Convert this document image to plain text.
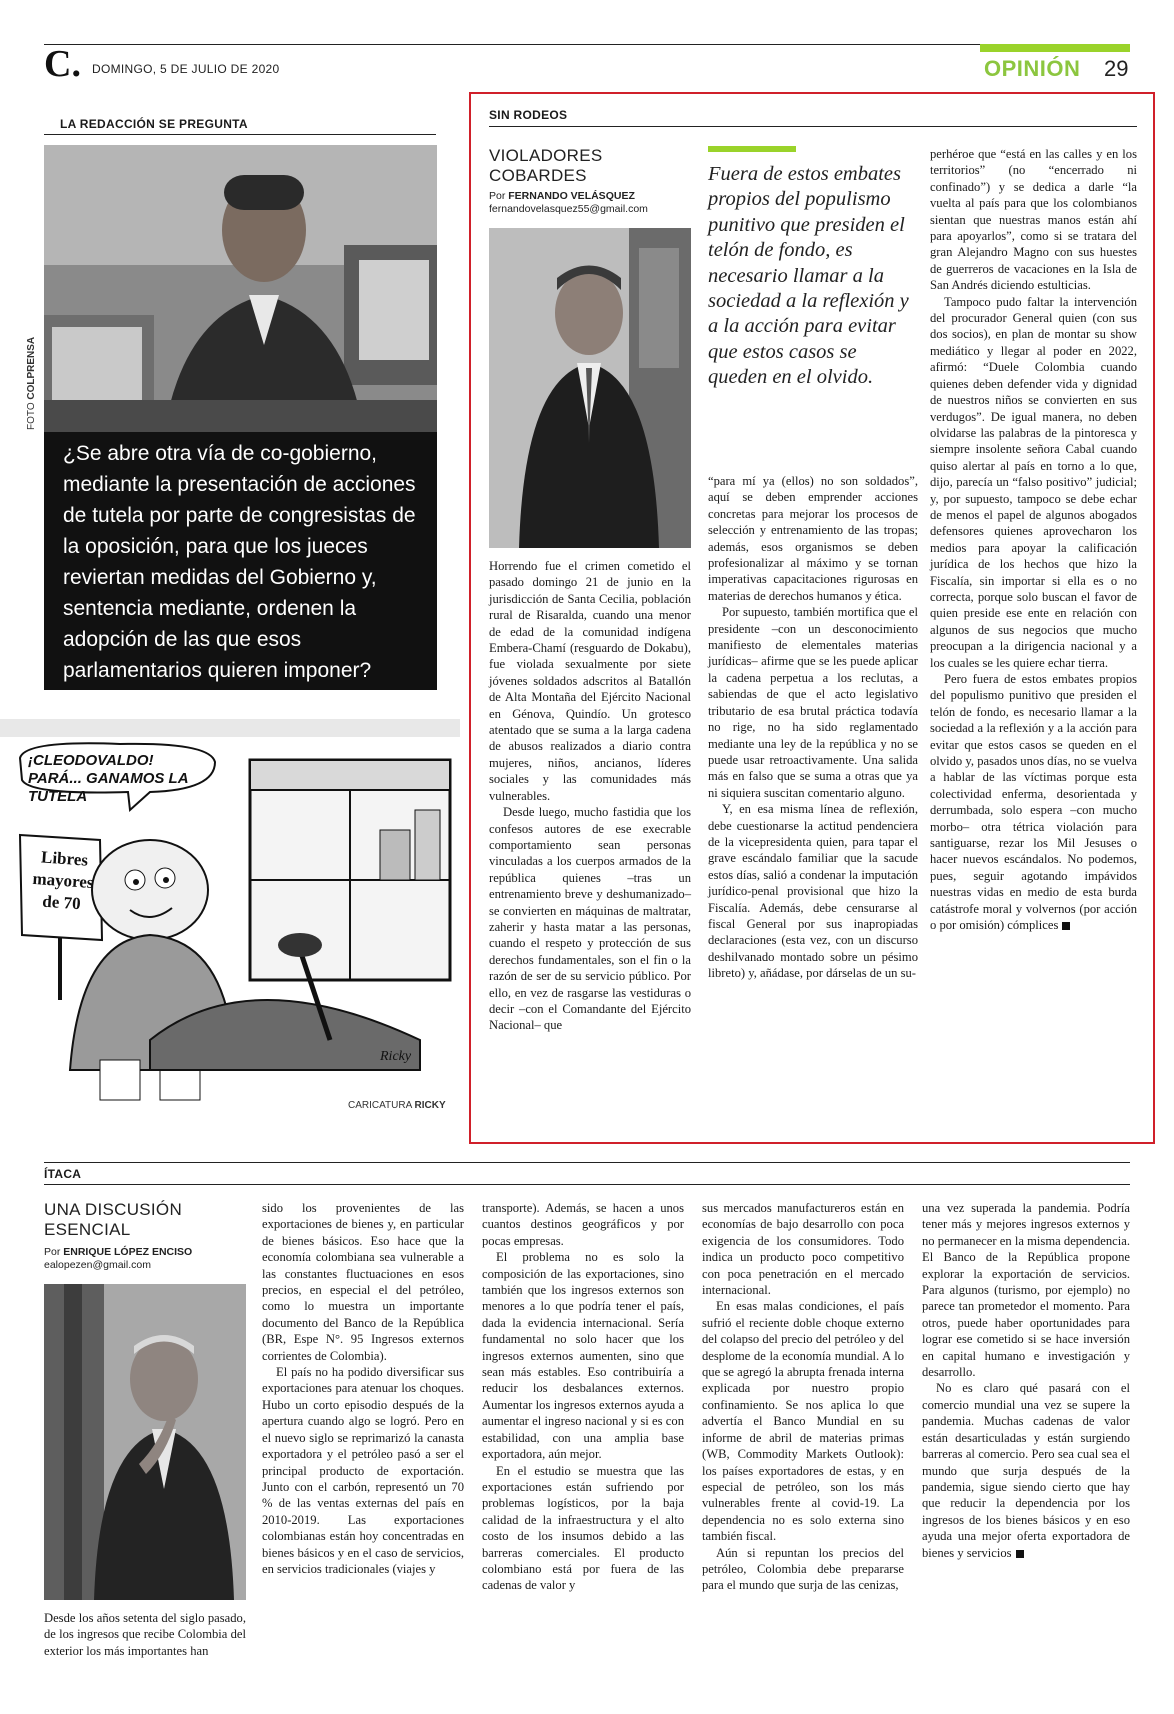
C. DOMINGO, 5 DE JULIO DE 2020	OPINIÓN 29
LA REDACCIÓN SE PREGUNTA
FOTO COLPRENSA
¿Se abre otra vía de co-gobierno, mediante la presentación de acciones de tutela por parte de congresistas de la oposición, para que los jueces reviertan medidas del Gobierno y, sentencia mediante, ordenen la adopción de las que esos parlamentarios quieren imponer?
Ricky
¡CLEODOVALDO! PARÁ... GANAMOS LA TUTELA
Libres mayores de 70
CARICATURA RICKY
SIN RODEOS
VIOLADORES
COBARDES
Por FERNANDO VELÁSQUEZ
fernandovelasquez55@gmail.com
Fuera de estos embates propios del populismo punitivo que presiden el telón de fondo, es necesario llamar a la sociedad a la reflexión y a la acción para evitar que estos casos se queden en el olvido.

Horrendo fue el crimen cometido el pasado domingo 21 de junio en la jurisdicción de Santa Cecilia, población rural de Risaralda, cuando una menor de edad de la comunidad indígena Embera-Chamí (resguardo de Dokabu), fue violada sexualmente por siete jóvenes soldados adscritos al Batallón de Alta Montaña del Ejército Nacional en Génova, Quindío. Un grotesco atentado que se suma a la larga cadena de abusos realizados a diario contra mujeres, niños, ancianos, líderes sociales y las comunidades más vulnerables.

Desde luego, mucho fastidia que los confesos autores de ese execrable comportamiento sean personas vinculadas a los cuerpos armados de la república quienes –tras un entrenamiento breve y deshumanizado– se convierten en máquinas de maltratar, zaherir y hasta matar a las personas, cuando el respeto y protección de sus derechos fundamentales, son el fin o la razón de ser de su servicio público. Por ello, en vez de rasgarse las vestiduras o decir –con el Comandante del Ejército Nacional– que

“para mí ya (ellos) no son soldados”, aquí se deben emprender acciones concretas para mejorar los procesos de selección y entrenamiento de las tropas; además, esos organismos se deben profesionalizar al máximo y se tornan imperativas capacitaciones rigurosas en materias de derechos humanos y ética.

Por supuesto, también mortifica que el presidente –con un desconocimiento manifiesto de elementales materias jurídicas– afirme que se les puede aplicar la cadena perpetua a los reclutas, a sabiendas de que el acto legislativo tributario de esa brutal práctica todavía no rige, no ha sido reglamentado mediante una ley de la república y no se puede usar retroactivamente. Una salida más en falso que se suma a otras que ya ni siquiera suscitan comentario alguno.

Y, en esa misma línea de reflexión, debe cuestionarse la actitud pendenciera de la vicepresidenta quien, para tapar el grave escándalo familiar que la sacude estos días, salió a condenar la imputación jurídico-penal provisional que hizo la Fiscalía. Además, debe censurarse al fiscal General por sus inapropiadas declaraciones (esta vez, con un discurso deshilvanado montado sobre un pésimo libreto) y, añádase, por dárselas de un su-

perhéroe que “está en las calles y en los territorios” (no “encerrado ni confinado”) y se dedica a darle “la vuelta al país para que los colombianos sientan que nuestras manos están ahí para apoyarlos”, como si se tratara del gran Alejandro Magno con sus huestes de guerreros de vacaciones en la Isla de San Andrés diciendo estulticias.

Tampoco pudo faltar la intervención del procurador General quien (con sus dos socios), en plan de montar su show mediático y llegar al poder en 2022, afirmó: “Duele Colombia cuando quienes deben defender vida y dignidad de nuestros niños se convierten en sus verdugos”. De igual manera, no deben olvidarse las palabras de la pintoresca y siempre insolente señora Cabal cuando quiso alertar al país en torno a lo que, dijo, parecía un “falso positivo” judicial; y, por supuesto, tampoco se debe echar de menos el papel de algunos abogados defensores quienes aprovecharon los medios para apoyar la calificación jurídica de los hechos que hizo la Fiscalía, sin importar si ella es o no correcta, porque solo buscan el favor de quien preside ese ente en relación con algunos de sus negocios que mucho preocupan a la dirigencia nacional y a los cuales se les quiere echar tierra.

Pero fuera de estos embates propios del populismo punitivo que presiden el telón de fondo, es necesario llamar a la sociedad a la reflexión y a la acción para evitar que estos casos se queden en el olvido y, pasados unos días, no se vuelva a hablar de las víctimas porque esta colectividad enferma, desorientada y derrumbada, solo espera –con mucho morbo– otra tétrica violación para santiguarse, rezar los Mil Jesuses o hacer nuevos escándalos. No podemos, pues, seguir agotando impávidos nuestras vidas en medio de esta burda catástrofe moral y volvernos (por acción o por omisión) cómplices

ÍTACA
UNA DISCUSIÓN
ESENCIAL
Por ENRIQUE LÓPEZ ENCISO
ealopezen@gmail.com

Desde los años setenta del siglo pasado, de los ingresos que recibe Colombia del exterior los más importantes han

sido los provenientes de las exportaciones de bienes y, en particular de bienes básicos. Eso hace que la economía colombiana sea vulnerable a las constantes fluctuaciones en esos precios, en especial el del petróleo, como lo muestra un importante documento del Banco de la República (BR, Espe N°. 95 Ingresos externos corrientes de Colombia).

El país no ha podido diversificar sus exportaciones para atenuar los choques. Hubo un corto episodio después de la apertura cuando algo se logró. Pero en el nuevo siglo se reprimarizó la canasta exportadora y el petróleo pasó a ser el principal producto de exportación. Junto con el carbón, representó un 70 % de las ventas externas del país en 2010-2019. Las exportaciones colombianas están hoy concentradas en bienes básicos y en el caso de servicios, en servicios tradicionales (viajes y

transporte). Además, se hacen a unos cuantos destinos geográficos y por pocas empresas.

El problema no es solo la composición de las exportaciones, sino también que los ingresos externos son menores a lo que podría tener el país, dada la evidencia internacional. Sería fundamental no solo hacer que los ingresos externos aumenten, sino que sean más estables. Eso contribuiría a reducir los desbalances externos. Aumentar los ingresos externos ayuda a aumentar el ingreso nacional y si es con estabilidad, con una amplia base exportadora, aún mejor.

En el estudio se muestra que las exportaciones están sufriendo por problemas logísticos, por la baja calidad de la infraestructura y el alto costo de los insumos debido a las barreras comerciales. El producto colombiano está por fuera de las cadenas de valor y

sus mercados manufactureros están en economías de bajo desarrollo con poca exigencia de los consumidores. Todo indica un producto poco competitivo con poca penetración en el mercado internacional.

En esas malas condiciones, el país sufrió el reciente doble choque externo del colapso del precio del petróleo y del desplome de la economía mundial. A lo que se agregó la abrupta frenada interna explicada por nuestro propio confinamiento. Se nos aplica lo que advertía el Banco Mundial en su informe de abril de materias primas (WB, Commodity Markets Outlook): los países exportadores de estas, y en especial de petróleo, son los más vulnerables frente al covid-19. La dependencia no es solo externa sino también fiscal.

Aún si repuntan los precios del petróleo, Colombia debe prepararse para el mundo que surja de las cenizas,

una vez superada la pandemia. Podría tener más y mejores ingresos externos y no permanecer en la misma dependencia. El Banco de la República propone explorar la exportación de servicios. Para algunos (turismo, por ejemplo) no parece tan prometedor el momento. Para otros, puede haber oportunidades para lograr ese cometido si se hace inversión en capital humano e investigación y desarrollo.

No es claro qué pasará con el comercio mundial una vez se supere la pandemia. Muchas cadenas de valor están desarticuladas y están surgiendo barreras al comercio. Pero sea cual sea el mundo que surja después de la pandemia, sigue siendo cierto que hay que reducir la dependencia por los ingresos de los bienes básicos y en eso ayuda una mejor oferta exportadora de bienes y servicios
